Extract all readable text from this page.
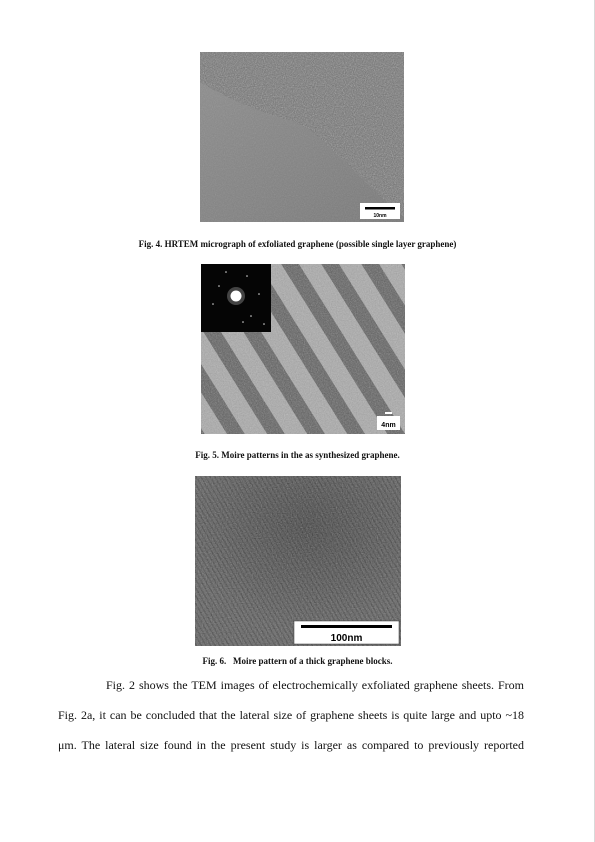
10nm
Fig. 4. HRTEM micrograph of exfoliated graphene (possible single layer graphene)
4nm
Fig. 5. Moire patterns in the as synthesized graphene.
100nm
Fig. 6. Moire pattern of a thick graphene blocks.
Fig. 2 shows the TEM images of electrochemically exfoliated graphene sheets. From
Fig. 2a, it can be concluded that the lateral size of graphene sheets is quite large and upto ~18
μm. The lateral size found in the present study is larger as compared to previously reported
